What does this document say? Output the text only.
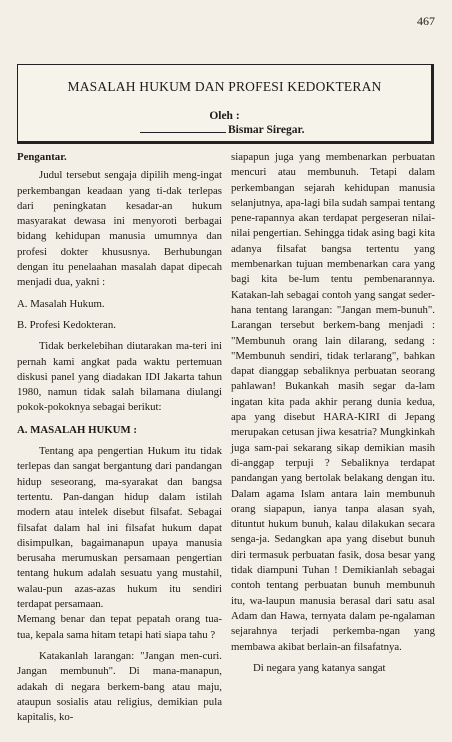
467
MASALAH HUKUM DAN PROFESI KEDOKTERAN
Oleh :
Bismar Siregar.

Pengantar.

Judul tersebut sengaja dipilih meng-ingat perkembangan keadaan yang ti-dak terlepas dari peningkatan kesadar-an hukum masyarakat dewasa ini menyoroti berbagai bidang kehidupan manusia umumnya dan profesi dokter khususnya. Berhubungan dengan itu penelaahan masalah dapat dipecah menjadi dua, yakni :

A. Masalah Hukum.

B. Profesi Kedokteran.

Tidak berkelebihan diutarakan ma-teri ini pernah kami angkat pada waktu pertemuan diskusi panel yang diadakan IDI Jakarta tahun 1980, namun tidak salah bilamana diulangi pokok-pokoknya sebagai berikut:

A. MASALAH HUKUM :

Tentang apa pengertian Hukum itu tidak terlepas dan sangat bergantung dari pandangan hidup seseorang, ma-syarakat dan bangsa tertentu. Pan-dangan hidup dalam istilah modern atau intelek disebut filsafat. Sebagai filsafat dalam hal ini filsafat hukum dapat disimpulkan, bagaimanapun upaya manusia berusaha merumuskan persamaan pengertian tentang hukum adalah sesuatu yang mustahil, walau-pun azas-azas hukum itu sendiri terdapat persamaan.

Memang benar dan tepat pepatah orang tua-tua, kepala sama hitam tetapi hati siapa tahu ?

Katakanlah larangan: "Jangan men-curi. Jangan membunuh". Di mana-manapun, adakah di negara berkem-bang atau maju, ataupun sosialis atau religius, demikian pula kapitalis, ko-

siapapun juga yang membenarkan perbuatan mencuri atau membunuh. Tetapi dalam perkembangan sejarah kehidupan manusia selanjutnya, apa-lagi bila sudah sampai tentang pene-rapannya akan terdapat pergeseran nilai-nilai pengertian. Sehingga tidak asing bagi kita adanya filsafat bangsa tertentu yang membenarkan tujuan membenarkan cara yang bagi kita be-lum tentu pembenarannya. Katakan-lah sebagai contoh yang sangat seder-hana tentang larangan: "Jangan mem-bunuh". Larangan tersebut berkem-bang menjadi : "Membunuh orang lain dilarang, sedang : "Membunuh sendiri, tidak terlarang", bahkan dapat dianggap sebaliknya perbuatan seorang pahlawan! Bukankah masih segar da-lam ingatan kita pada akhir perang dunia kedua, apa yang disebut HARA-KIRI di Jepang merupakan cetusan jiwa kesatria? Mungkinkah juga sam-pai sekarang sikap demikian masih di-anggap terpuji ? Sebaliknya terdapat pandangan yang bertolak belakang dengan itu. Dalam agama Islam antara lain membunuh orang siapapun, ianya tanpa alasan syah, dituntut hukum bunuh, kalau dilakukan secara senga-ja. Sedangkan apa yang disebut bunuh diri termasuk perbuatan fasik, dosa besar yang tidak diampuni Tuhan ! Demikianlah sebagai contoh tentang perbuatan bunuh membunuh itu, wa-laupun manusia berasal dari satu asal Adam dan Hawa, ternyata dalam pe-ngalaman sejarahnya terjadi perkemba-ngan yang membawa akibat berlain-an filsafatnya.

Di negara yang katanya sangat
